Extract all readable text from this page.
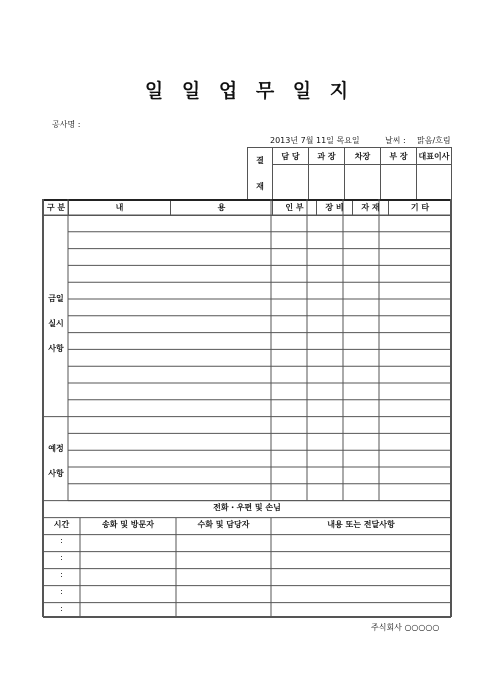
일 일 업 무 일 지
공사명 :
2013년 7월 11일 목요일	날씨 : 맑음/흐림
결
재	담 당	과 장	차장	부 장	대표이사

구 분	내	용	인 부	장 비	자 재	기 타
금일
실시
사항
예정
사항
전화・우편 및 손님
시간	송화 및 방문자	수화 및 담당자	내용 또는 전달사항
:
:
:
:
:
주식회사 ○○○○○
